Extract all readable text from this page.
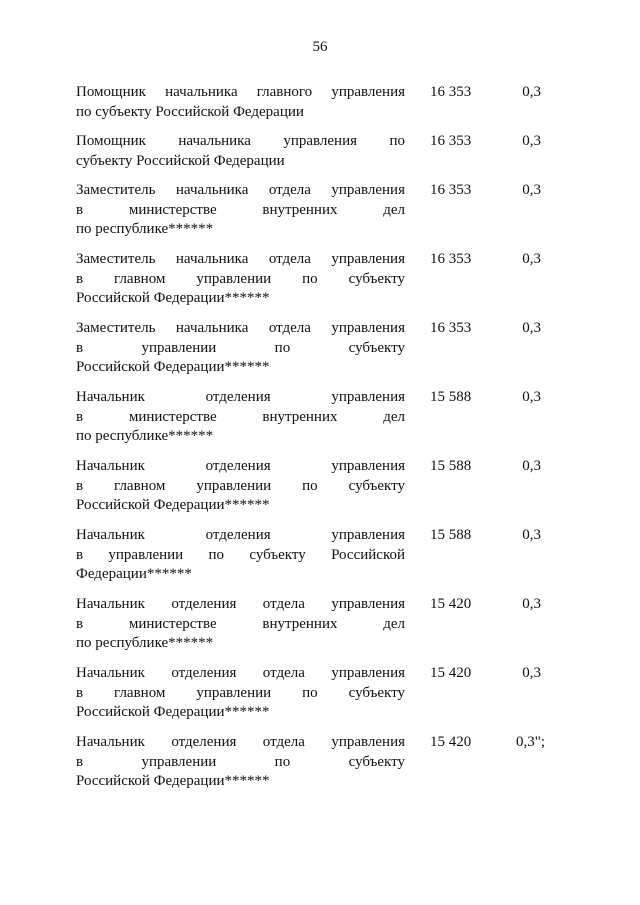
56
Помощник начальника главного управления
по субъекту Российской Федерации
16 353	0,3
Помощник начальника управления по
субъекту Российской Федерации
16 353	0,3
Заместитель начальника отдела управления
в министерстве внутренних дел
по республике******
16 353	0,3
Заместитель начальника отдела управления
в главном управлении по субъекту
Российской Федерации******
16 353	0,3
Заместитель начальника отдела управления
в управлении по субъекту
Российской Федерации******
16 353	0,3
Начальник отделения управления
в министерстве внутренних дел
по республике******
15 588	0,3
Начальник отделения управления
в главном управлении по субъекту
Российской Федерации******
15 588	0,3
Начальник отделения управления
в управлении по субъекту Российской
Федерации******
15 588	0,3
Начальник отделения отдела управления
в министерстве внутренних дел
по республике******
15 420	0,3
Начальник отделения отдела управления
в главном управлении по субъекту
Российской Федерации******
15 420	0,3
Начальник отделения отдела управления
в управлении по субъекту
Российской Федерации******
15 420	0,3";
